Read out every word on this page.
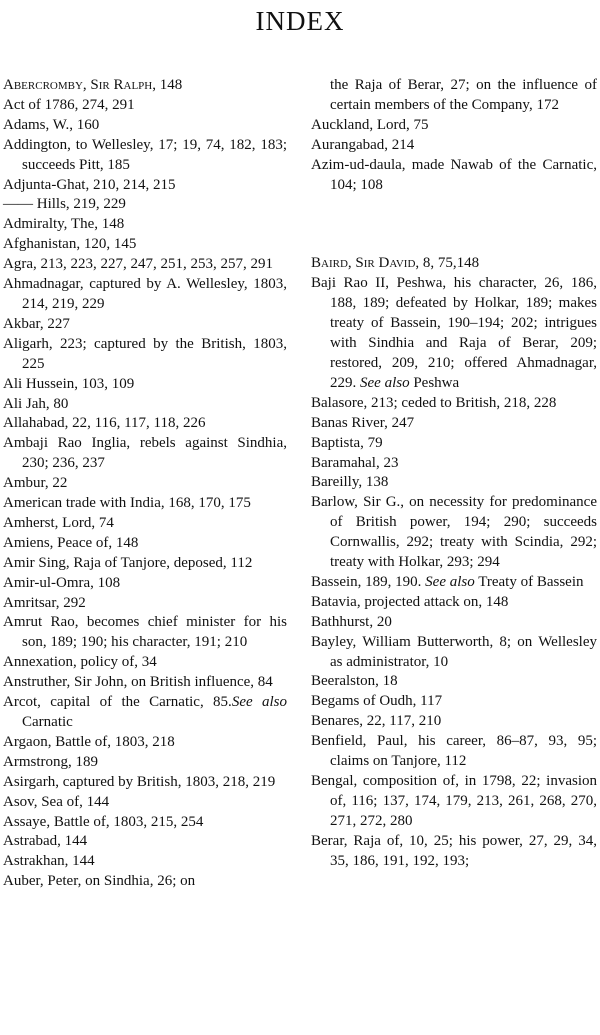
INDEX
Abercromby, Sir Ralph, 148
Act of 1786, 274, 291
Adams, W., 160
Addington, to Wellesley, 17; 19, 74, 182, 183; succeeds Pitt, 185
Adjunta-Ghat, 210, 214, 215
—— Hills, 219, 229
Admiralty, The, 148
Afghanistan, 120, 145
Agra, 213, 223, 227, 247, 251, 253, 257, 291
Ahmadnagar, captured by A. Wellesley, 1803, 214, 219, 229
Akbar, 227
Aligarh, 223; captured by the British, 1803, 225
Ali Hussein, 103, 109
Ali Jah, 80
Allahabad, 22, 116, 117, 118, 226
Ambaji Rao Inglia, rebels against Sindhia, 230; 236, 237
Ambur, 22
American trade with India, 168, 170, 175
Amherst, Lord, 74
Amiens, Peace of, 148
Amir Sing, Raja of Tanjore, deposed, 112
Amir-ul-Omra, 108
Amritsar, 292
Amrut Rao, becomes chief minister for his son, 189; 190; his character, 191; 210
Annexation, policy of, 34
Anstruther, Sir John, on British influence, 84
Arcot, capital of the Carnatic, 85.See also Carnatic
Argaon, Battle of, 1803, 218
Armstrong, 189
Asirgarh, captured by British, 1803, 218, 219
Asov, Sea of, 144
Assaye, Battle of, 1803, 215, 254
Astrabad, 144
Astrakhan, 144
Auber, Peter, on Sindhia, 26; on
the Raja of Berar, 27; on the influence of certain members of the Company, 172
Auckland, Lord, 75
Aurangabad, 214
Azim-ud-daula, made Nawab of the Carnatic, 104; 108
Baird, Sir David, 8, 75,148
Baji Rao II, Peshwa, his character, 26, 186, 188, 189; defeated by Holkar, 189; makes treaty of Bassein, 190–194; 202; intrigues with Sindhia and Raja of Berar, 209; restored, 209, 210; offered Ahmadnagar, 229. See also Peshwa
Balasore, 213; ceded to British, 218, 228
Banas River, 247
Baptista, 79
Baramahal, 23
Bareilly, 138
Barlow, Sir G., on necessity for predominance of British power, 194; 290; succeeds Cornwallis, 292; treaty with Scindia, 292; treaty with Holkar, 293; 294
Bassein, 189, 190. See also Treaty of Bassein
Batavia, projected attack on, 148
Bathhurst, 20
Bayley, William Butterworth, 8; on Wellesley as administrator, 10
Beeralston, 18
Begams of Oudh, 117
Benares, 22, 117, 210
Benfield, Paul, his career, 86–87, 93, 95; claims on Tanjore, 112
Bengal, composition of, in 1798, 22; invasion of, 116; 137, 174, 179, 213, 261, 268, 270, 271, 272, 280
Berar, Raja of, 10, 25; his power, 27, 29, 34, 35, 186, 191, 192, 193;
